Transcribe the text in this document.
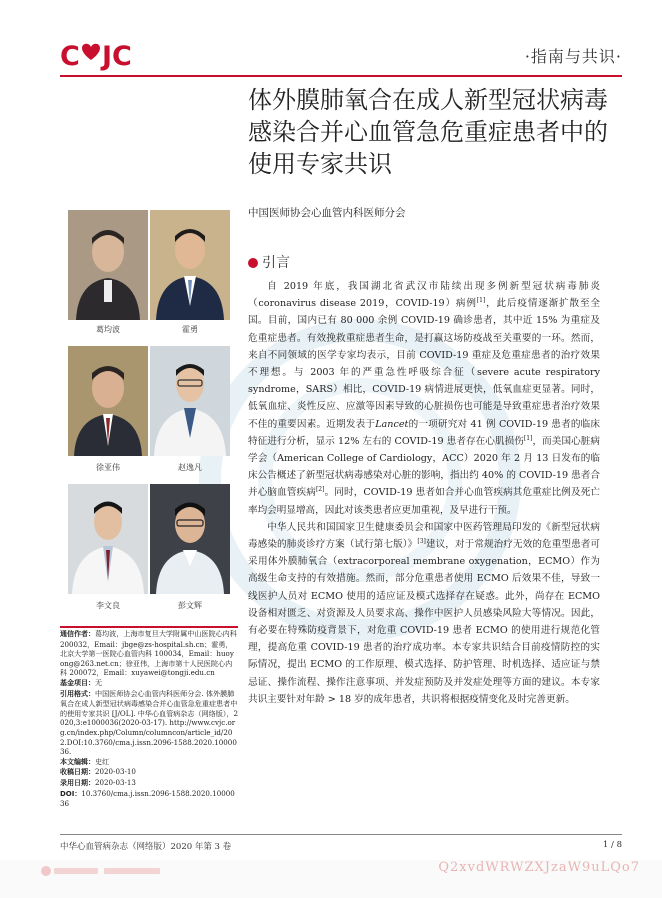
C JC	·指南与共识·
体外膜肺氧合在成人新型冠状病毒
感染合并心血管急危重症患者中的
使用专家共识
中国医师协会心血管内科医师分会
引言

自 2019 年底，我国湖北省武汉市陆续出现多例新型冠状病毒肺炎（coronavirus disease 2019，COVID-19）病例[1]，此后疫情逐渐扩散至全国。目前，国内已有 80 000 余例 COVID-19 确诊患者，其中近 15% 为重症及危重症患者。有效挽救重症患者生命，是打赢这场防疫战至关重要的一环。然而，来自不同领域的医学专家均表示，目前 COVID-19 重症及危重症患者的治疗效果不理想。与 2003 年的严重急性呼吸综合征（severe acute respiratory syndrome，SARS）相比，COVID-19 病情进展更快，低氧血症更显著。同时，低氧血症、炎性反应、应激等因素导致的心脏损伤也可能是导致重症患者治疗效果不佳的重要因素。近期发表于Lancet的一项研究对 41 例 COVID-19 患者的临床特征进行分析，显示 12% 左右的 COVID-19 患者存在心肌损伤[1]，而美国心脏病学会（American College of Cardiology，ACC）2020 年 2 月 13 日发布的临床公告概述了新型冠状病毒感染对心脏的影响，指出约 40% 的 COVID-19 患者合并心脑血管疾病[2]。同时，COVID-19 患者如合并心血管疾病其危重症比例及死亡率均会明显增高，因此对该类患者应更加重视，及早进行干预。

中华人民共和国国家卫生健康委员会和国家中医药管理局印发的《新型冠状病毒感染的肺炎诊疗方案（试行第七版）》[3]建议，对于常规治疗无效的危重型患者可采用体外膜肺氧合（extracorporeal membrane oxygenation，ECMO）作为高级生命支持的有效措施。然而，部分危重患者使用 ECMO 后效果不佳，导致一线医护人员对 ECMO 使用的适应证及模式选择存在疑惑。此外，尚存在 ECMO 设备相对匮乏、对资源及人员要求高、操作中医护人员感染风险大等情况。因此，有必要在特殊防疫背景下，对危重 COVID-19 患者 ECMO 的使用进行规范化管理，提高危重 COVID-19 患者的治疗成功率。本专家共识结合目前疫情防控的实际情况，提出 ECMO 的工作原理、模式选择、防护管理、时机选择、适应证与禁忌证、操作流程、操作注意事项、并发症预防及并发症处理等方面的建议。本专家共识主要针对年龄 > 18 岁的成年患者，共识将根据疫情变化及时完善更新。

葛均波	霍勇
徐亚伟	赵逸凡
李文良	彭文辉
通信作者：葛均波，上海市复旦大学附属中山医院心内科 200032，Email：jbge@zs-hospital.sh.cn；霍勇，北京大学第一医院心血管内科 100034，Email：huoyong@263.net.cn；徐亚伟，上海市第十人民医院心内科 200072，Email：xuyawei@tongji.edu.cn
基金项目：无
引用格式：中国医师协会心血管内科医师分会. 体外膜肺氧合在成人新型冠状病毒感染合并心血管急危重症患者中的使用专家共识 [J/OL]. 中华心血管病杂志（网络版），2020,3:e1000036(2020-03-17). http://www.cvjc.org.cn/index.php/Column/columncon/article_id/202.DOI:10.3760/cma.j.issn.2096-1588.2020.1000036.
本文编辑：史红
收稿日期：2020-03-10
录用日期：2020-03-13
DOI：10.3760/cma.j.issn.2096-1588.2020.1000036
中华心血管病杂志（网络版）2020 年第 3 卷	1 / 8
Q2xvdWRWZXJzaW9uLQo7
